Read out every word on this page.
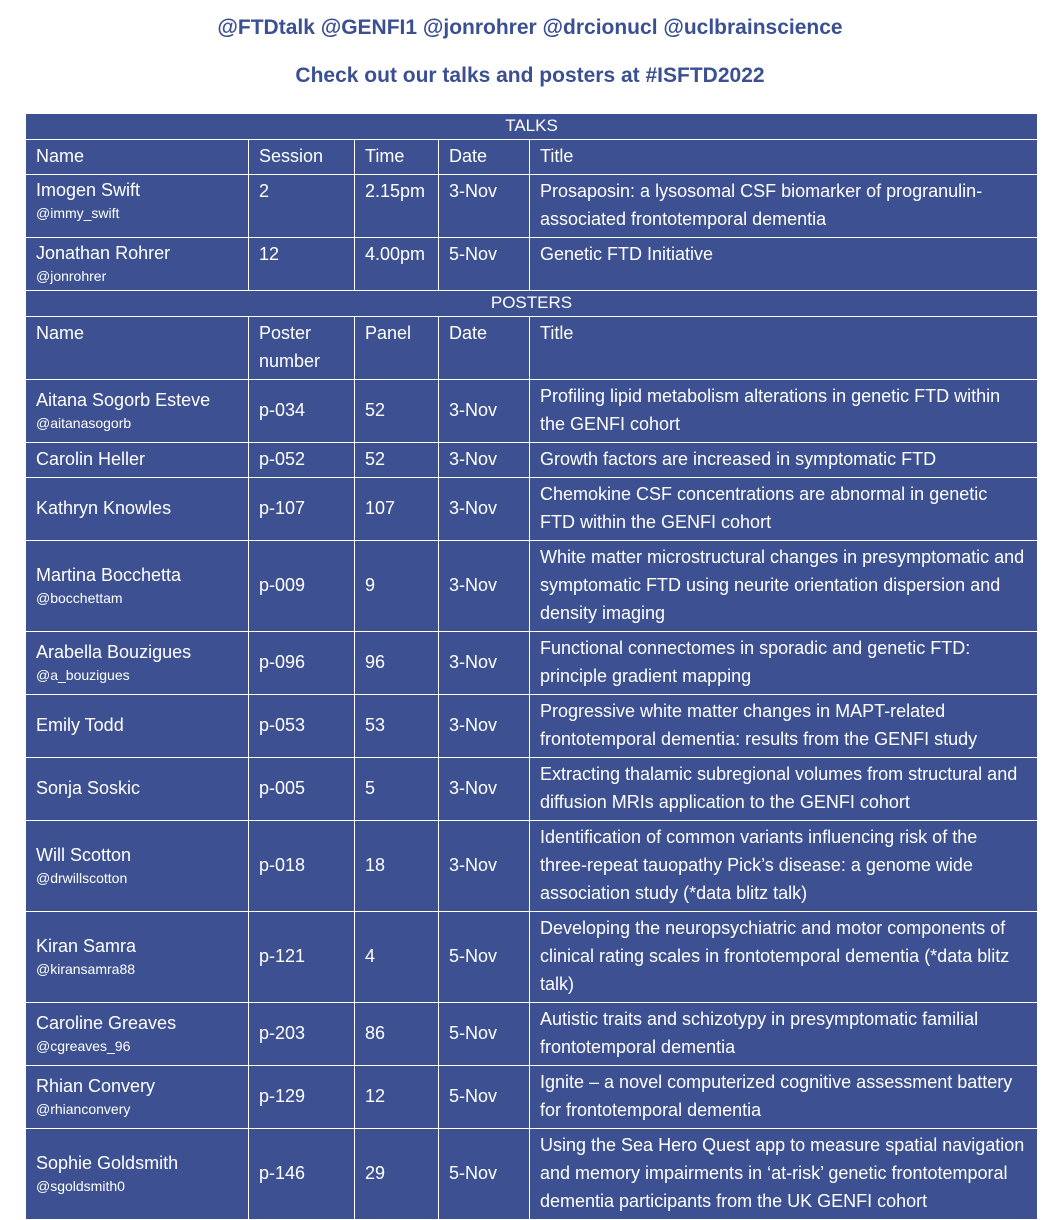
@FTDtalk @GENFI1 @jonrohrer @drcionucl @uclbrainscience
Check out our talks and posters at #ISFTD2022
TALKS				
Name	Session	Time	Date	Title

Imogen Swift
@immy_swift	2	2.15pm	3-Nov	Prosaposin: a lysosomal CSF biomarker of progranulin-associated frontotemporal dementia

Jonathan Rohrer
@jonrohrer	12	4.00pm	5-Nov	Genetic FTD Initiative
POSTERS				
Name	Poster number	Panel	Date	Title

Aitana Sogorb Esteve
@aitanasogorb	p-034	52	3-Nov	Profiling lipid metabolism alterations in genetic FTD within the GENFI cohort

Carolin Heller	p-052	52	3-Nov	Growth factors are increased in symptomatic FTD

Kathryn Knowles	p-107	107	3-Nov	Chemokine CSF concentrations are abnormal in genetic FTD within the GENFI cohort

Martina Bocchetta
@bocchettam	p-009	9	3-Nov	White matter microstructural changes in presymptomatic and symptomatic FTD using neurite orientation dispersion and density imaging

Arabella Bouzigues
@a_bouzigues	p-096	96	3-Nov	Functional connectomes in sporadic and genetic FTD: principle gradient mapping

Emily Todd	p-053	53	3-Nov	Progressive white matter changes in MAPT-related frontotemporal dementia: results from the GENFI study

Sonja Soskic	p-005	5	3-Nov	Extracting thalamic subregional volumes from structural and diffusion MRIs application to the GENFI cohort

Will Scotton
@drwillscotton	p-018	18	3-Nov	Identification of common variants influencing risk of the three-repeat tauopathy Pick’s disease: a genome wide association study (*data blitz talk)

Kiran Samra
@kiransamra88	p-121	4	5-Nov	Developing the neuropsychiatric and motor components of clinical rating scales in frontotemporal dementia (*data blitz talk)

Caroline Greaves
@cgreaves_96	p-203	86	5-Nov	Autistic traits and schizotypy in presymptomatic familial frontotemporal dementia

Rhian Convery
@rhianconvery	p-129	12	5-Nov	Ignite – a novel computerized cognitive assessment battery for frontotemporal dementia

Sophie Goldsmith
@sgoldsmith0	p-146	29	5-Nov	Using the Sea Hero Quest app to measure spatial navigation and memory impairments in ‘at-risk’ genetic frontotemporal dementia participants from the UK GENFI cohort
